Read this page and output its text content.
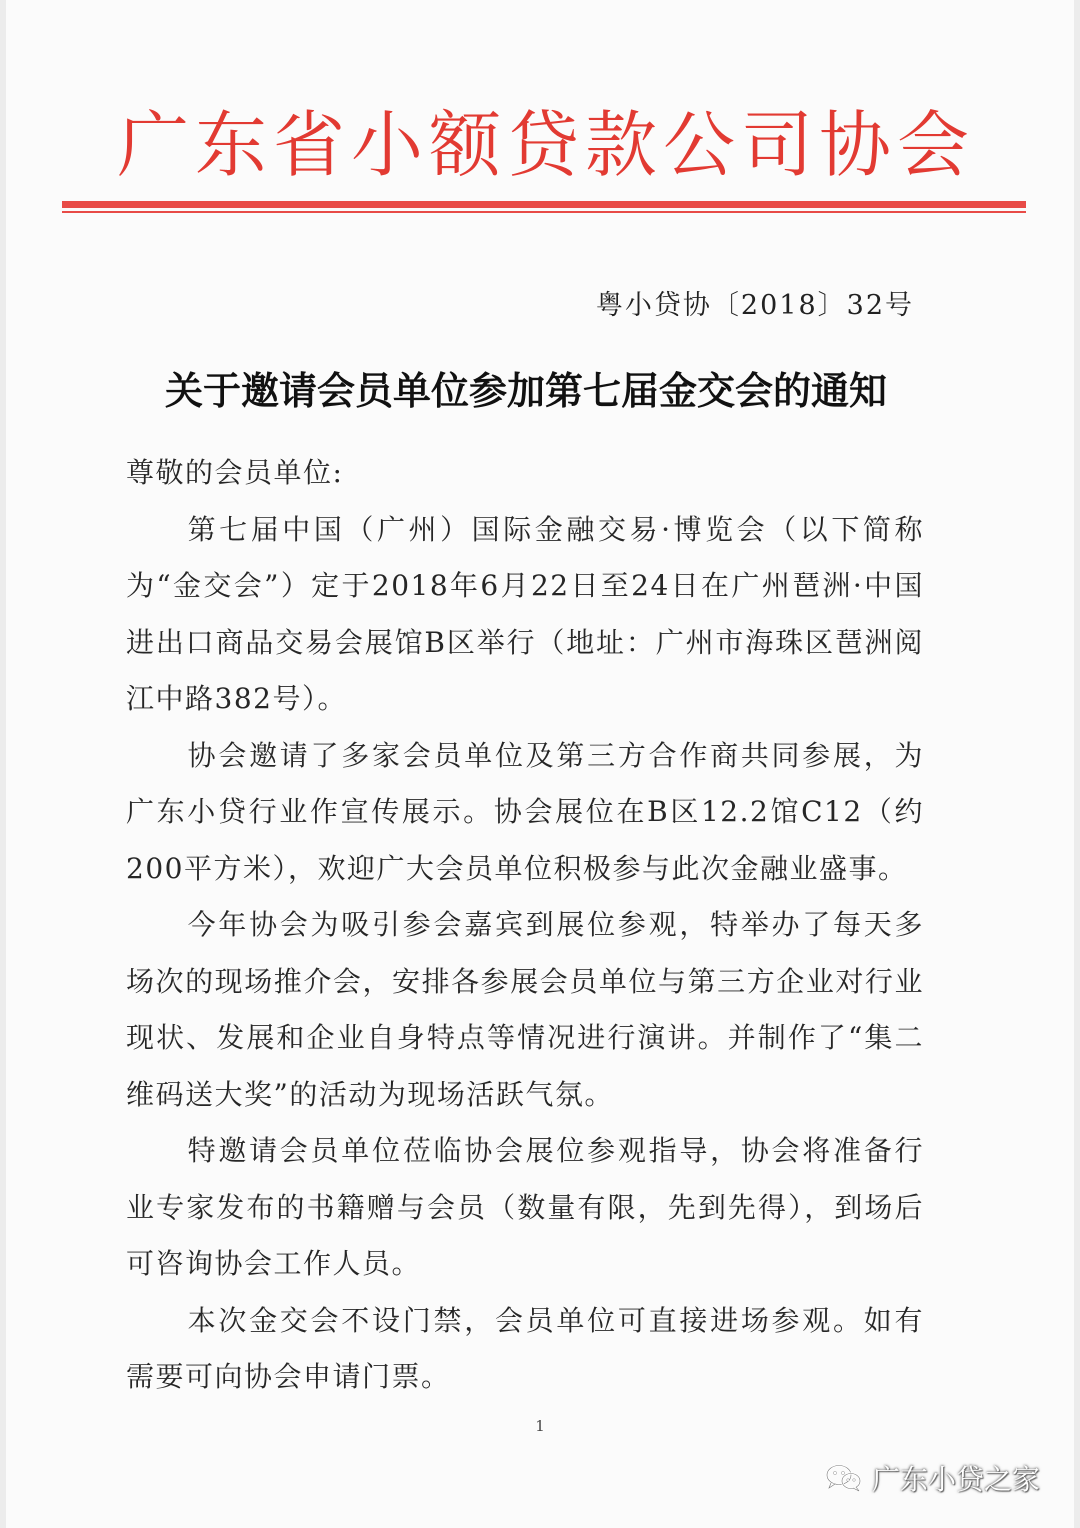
广东省小额贷款公司协会
粤小贷协〔2018〕32号
关于邀请会员单位参加第七届金交会的通知

尊敬的会员单位:

第七届中国（广州）国际金融交易·博览会（以下简称为“金交会”）定于2018年6月22日至24日在广州琶洲·中国进出口商品交易会展馆B区举行（地址：广州市海珠区琶洲阅江中路382号）。

协会邀请了多家会员单位及第三方合作商共同参展，为广东小贷行业作宣传展示。协会展位在B区12.2馆C12（约200平方米），欢迎广大会员单位积极参与此次金融业盛事。

今年协会为吸引参会嘉宾到展位参观，特举办了每天多场次的现场推介会，安排各参展会员单位与第三方企业对行业现状、发展和企业自身特点等情况进行演讲。并制作了“集二维码送大奖”的活动为现场活跃气氛。

特邀请会员单位莅临协会展位参观指导，协会将准备行业专家发布的书籍赠与会员（数量有限，先到先得），到场后可咨询协会工作人员。

本次金交会不设门禁，会员单位可直接进场参观。如有需要可向协会申请门票。

1
广东小贷之家
